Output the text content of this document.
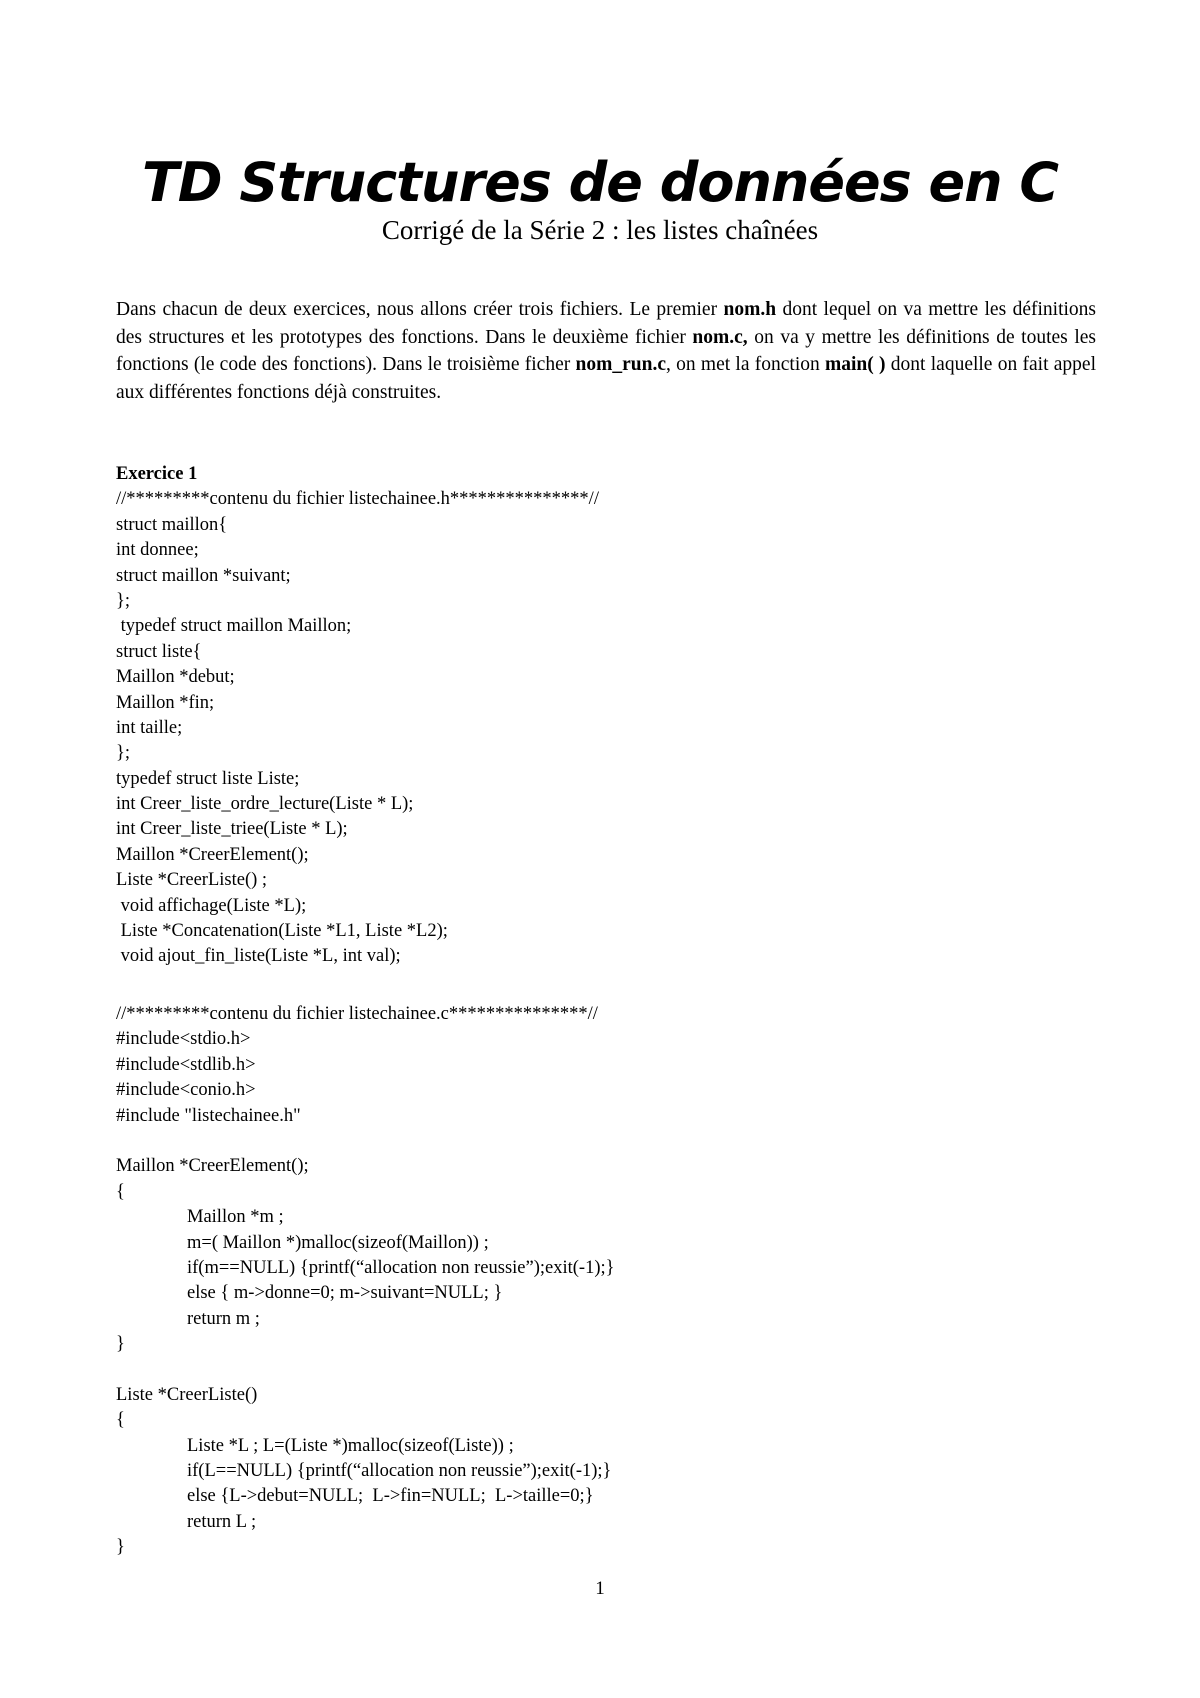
TD Structures de données en C
Corrigé de la Série 2 : les listes chaînées
Dans chacun de deux exercices, nous allons créer trois fichiers. Le premier nom.h dont lequel on va mettre les définitions des structures et les prototypes des fonctions. Dans le deuxième fichier nom.c, on va y mettre les définitions de toutes les fonctions (le code des fonctions). Dans le troisième ficher nom_run.c, on met la fonction main( ) dont laquelle on fait appel aux différentes fonctions déjà construites.
Exercice 1
//*********contenu du fichier listechainee.h***************//
struct maillon{
int donnee;
struct maillon *suivant;
};
typedef struct maillon Maillon;
struct liste{
Maillon *debut;
Maillon *fin;
int taille;
};
typedef struct liste Liste;
int Creer_liste_ordre_lecture(Liste * L);
int Creer_liste_triee(Liste * L);
Maillon *CreerElement();
Liste *CreerListe() ;
void affichage(Liste *L);
Liste *Concatenation(Liste *L1, Liste *L2);
void ajout_fin_liste(Liste *L, int val);
//*********contenu du fichier listechainee.c***************//
#include<stdio.h>
#include<stdlib.h>
#include<conio.h>
#include "listechainee.h"
Maillon *CreerElement();
{
Maillon *m ;
m=( Maillon *)malloc(sizeof(Maillon)) ;
if(m==NULL) {printf(“allocation non reussie”);exit(-1);}
else { m->donne=0; m->suivant=NULL; }
return m ;
}
Liste *CreerListe()
{
Liste *L ; L=(Liste *)malloc(sizeof(Liste)) ;
if(L==NULL) {printf(“allocation non reussie”);exit(-1);}
else {L->debut=NULL;  L->fin=NULL;  L->taille=0;}
return L ;
}
1
